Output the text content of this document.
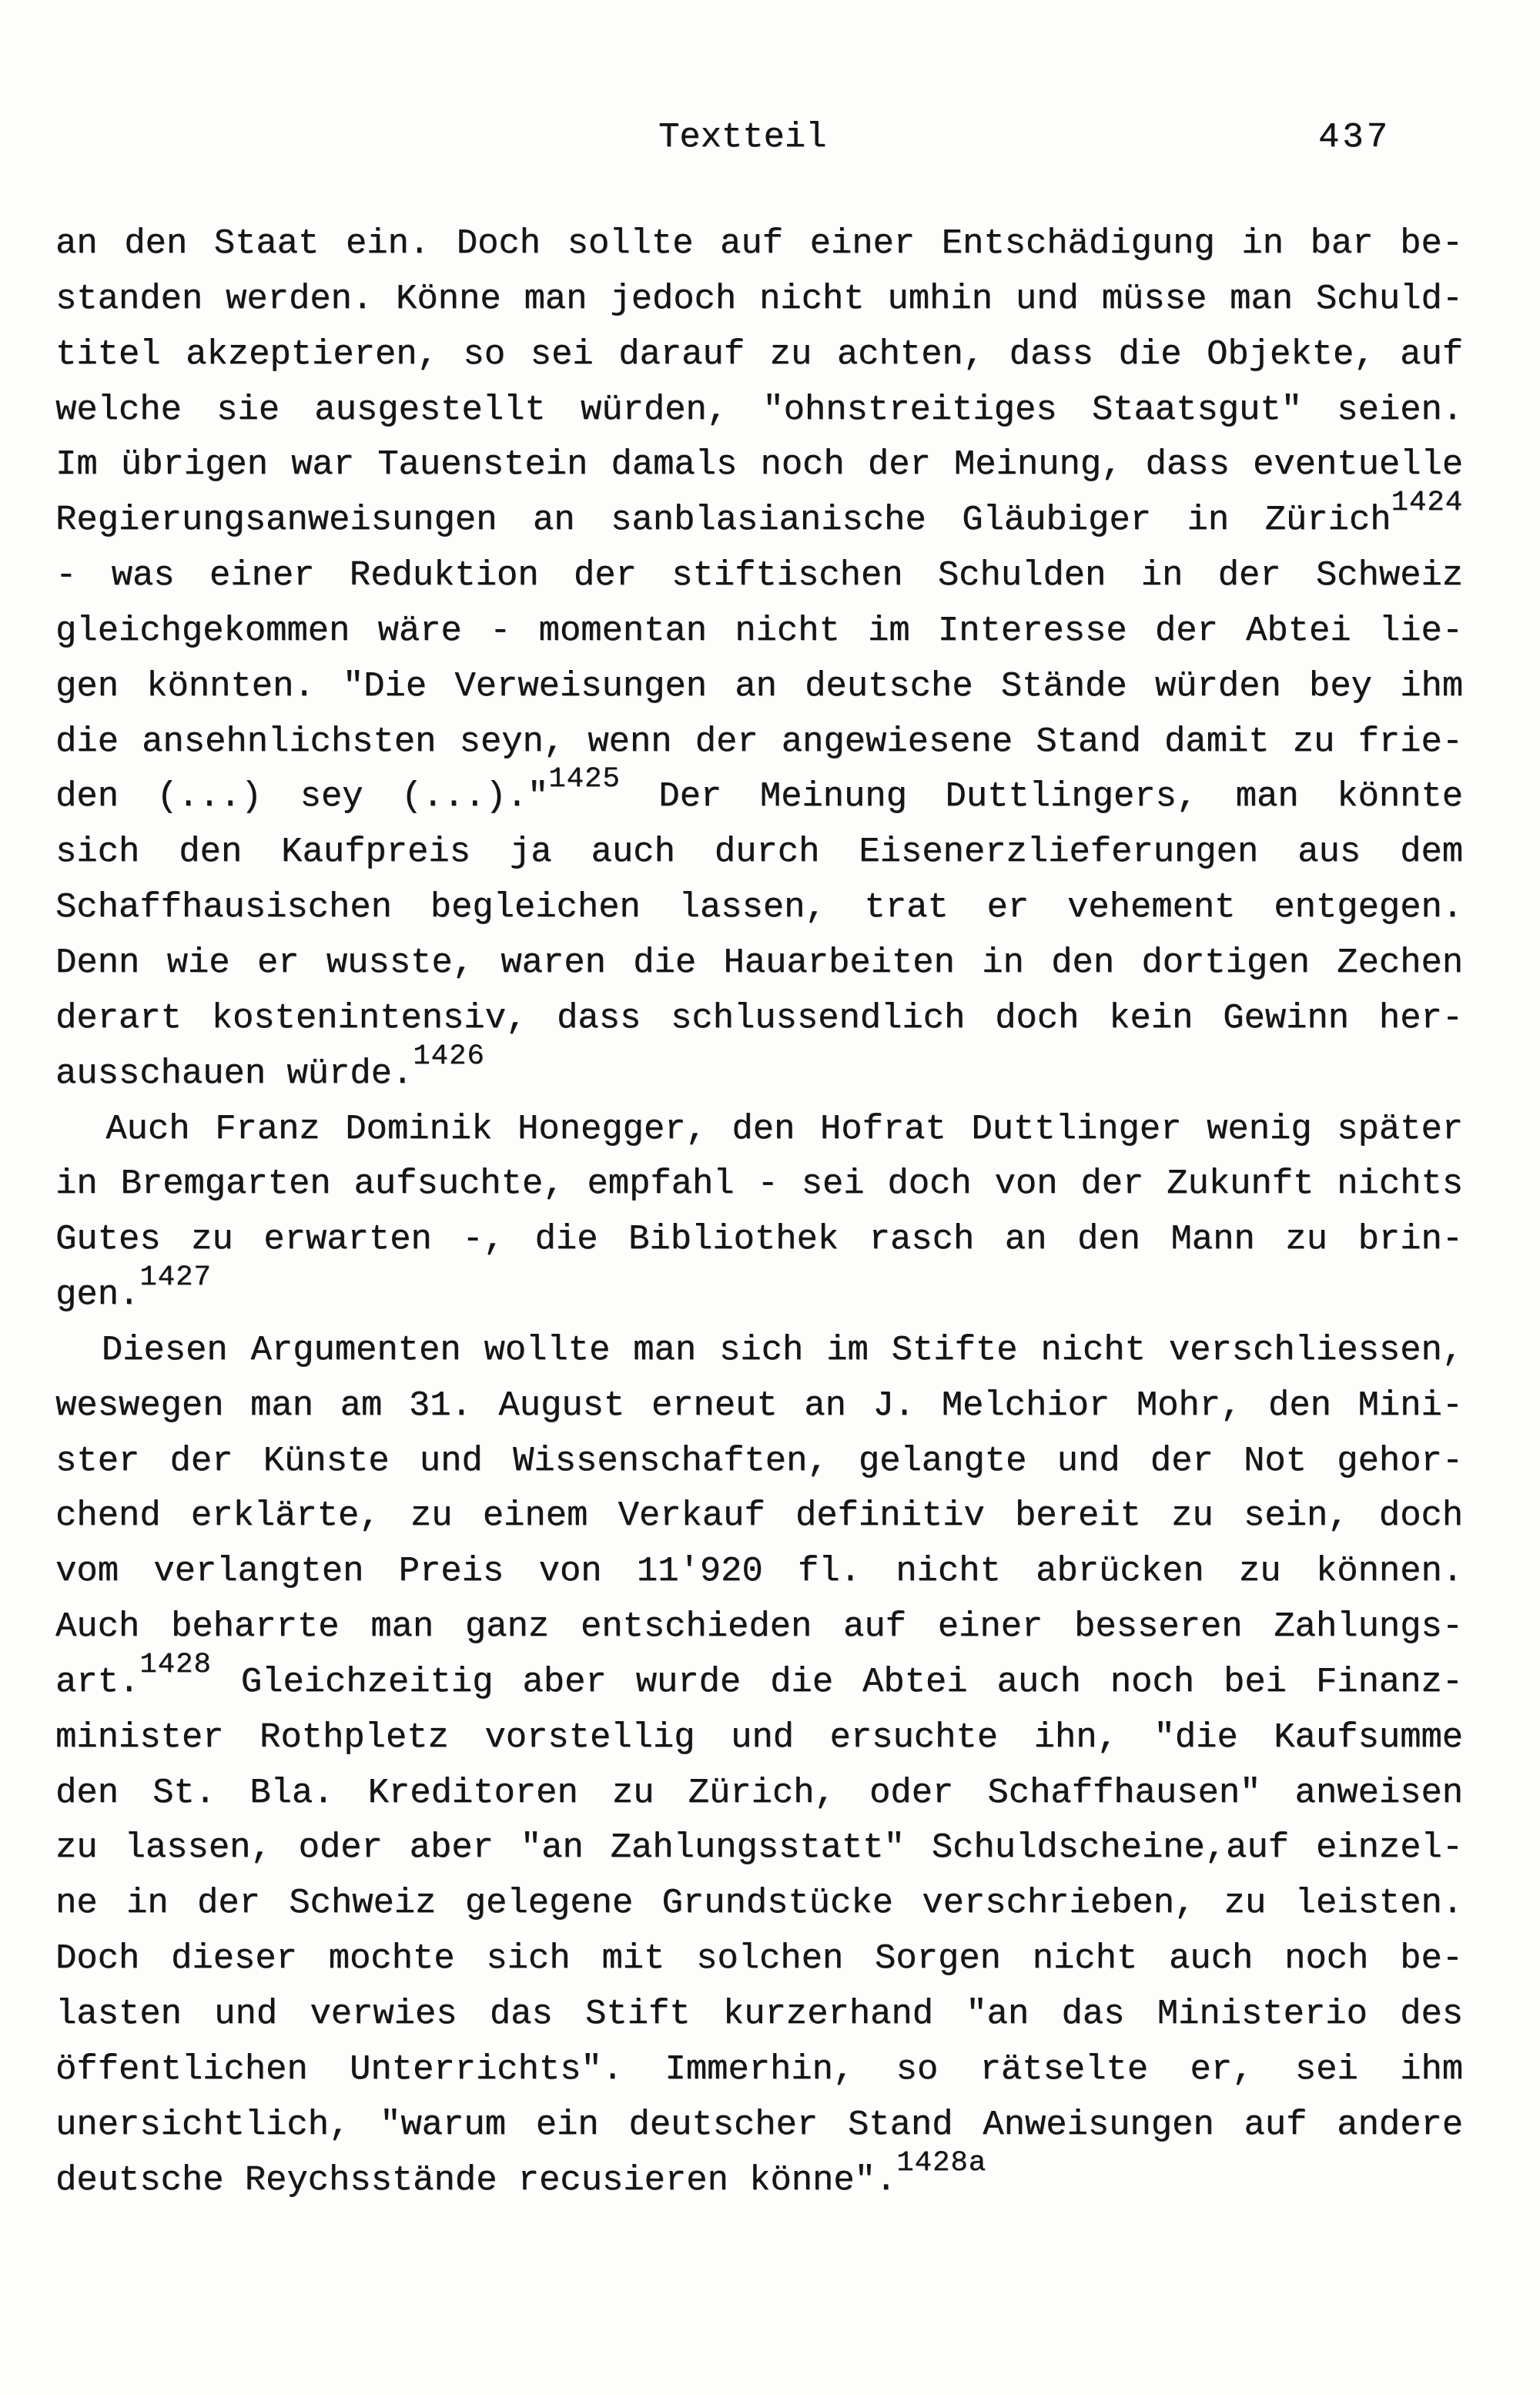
Textteil	437
an den Staat ein. Doch sollte auf einer Entschädigung in bar be-
standen werden. Könne man jedoch nicht umhin und müsse man Schuld-
titel akzeptieren, so sei darauf zu achten, dass die Objekte, auf
welche sie ausgestellt würden, "ohnstreitiges Staatsgut" seien.
Im übrigen war Tauenstein damals noch der Meinung, dass eventuelle
Regierungsanweisungen an sanblasianische Gläubiger in Zürich1424
- was einer Reduktion der stiftischen Schulden in der Schweiz
gleichgekommen wäre - momentan nicht im Interesse der Abtei lie-
gen könnten. "Die Verweisungen an deutsche Stände würden bey ihm
die ansehnlichsten seyn, wenn der angewiesene Stand damit zu frie-
den (...) sey (...)."1425 Der Meinung Duttlingers, man könnte
sich den Kaufpreis ja auch durch Eisenerzlieferungen aus dem
Schaffhausischen begleichen lassen, trat er vehement entgegen.
Denn wie er wusste, waren die Hauarbeiten in den dortigen Zechen
derart kostenintensiv, dass schlussendlich doch kein Gewinn her-
ausschauen würde.1426
Auch Franz Dominik Honegger, den Hofrat Duttlinger wenig später
in Bremgarten aufsuchte, empfahl - sei doch von der Zukunft nichts
Gutes zu erwarten -, die Bibliothek rasch an den Mann zu brin-
gen.1427
Diesen Argumenten wollte man sich im Stifte nicht verschliessen,
weswegen man am 31. August erneut an J. Melchior Mohr, den Mini-
ster der Künste und Wissenschaften, gelangte und der Not gehor-
chend erklärte, zu einem Verkauf definitiv bereit zu sein, doch
vom verlangten Preis von 11'920 fl. nicht abrücken zu können.
Auch beharrte man ganz entschieden auf einer besseren Zahlungs-
art.1428 Gleichzeitig aber wurde die Abtei auch noch bei Finanz-
minister Rothpletz vorstellig und ersuchte ihn, "die Kaufsumme
den St. Bla. Kreditoren zu Zürich, oder Schaffhausen" anweisen
zu lassen, oder aber "an Zahlungsstatt" Schuldscheine,auf einzel-
ne in der Schweiz gelegene Grundstücke verschrieben, zu leisten.
Doch dieser mochte sich mit solchen Sorgen nicht auch noch be-
lasten und verwies das Stift kurzerhand "an das Ministerio des
öffentlichen Unterrichts". Immerhin, so rätselte er, sei ihm
unersichtlich, "warum ein deutscher Stand Anweisungen auf andere
deutsche Reychsstände recusieren könne".1428a
